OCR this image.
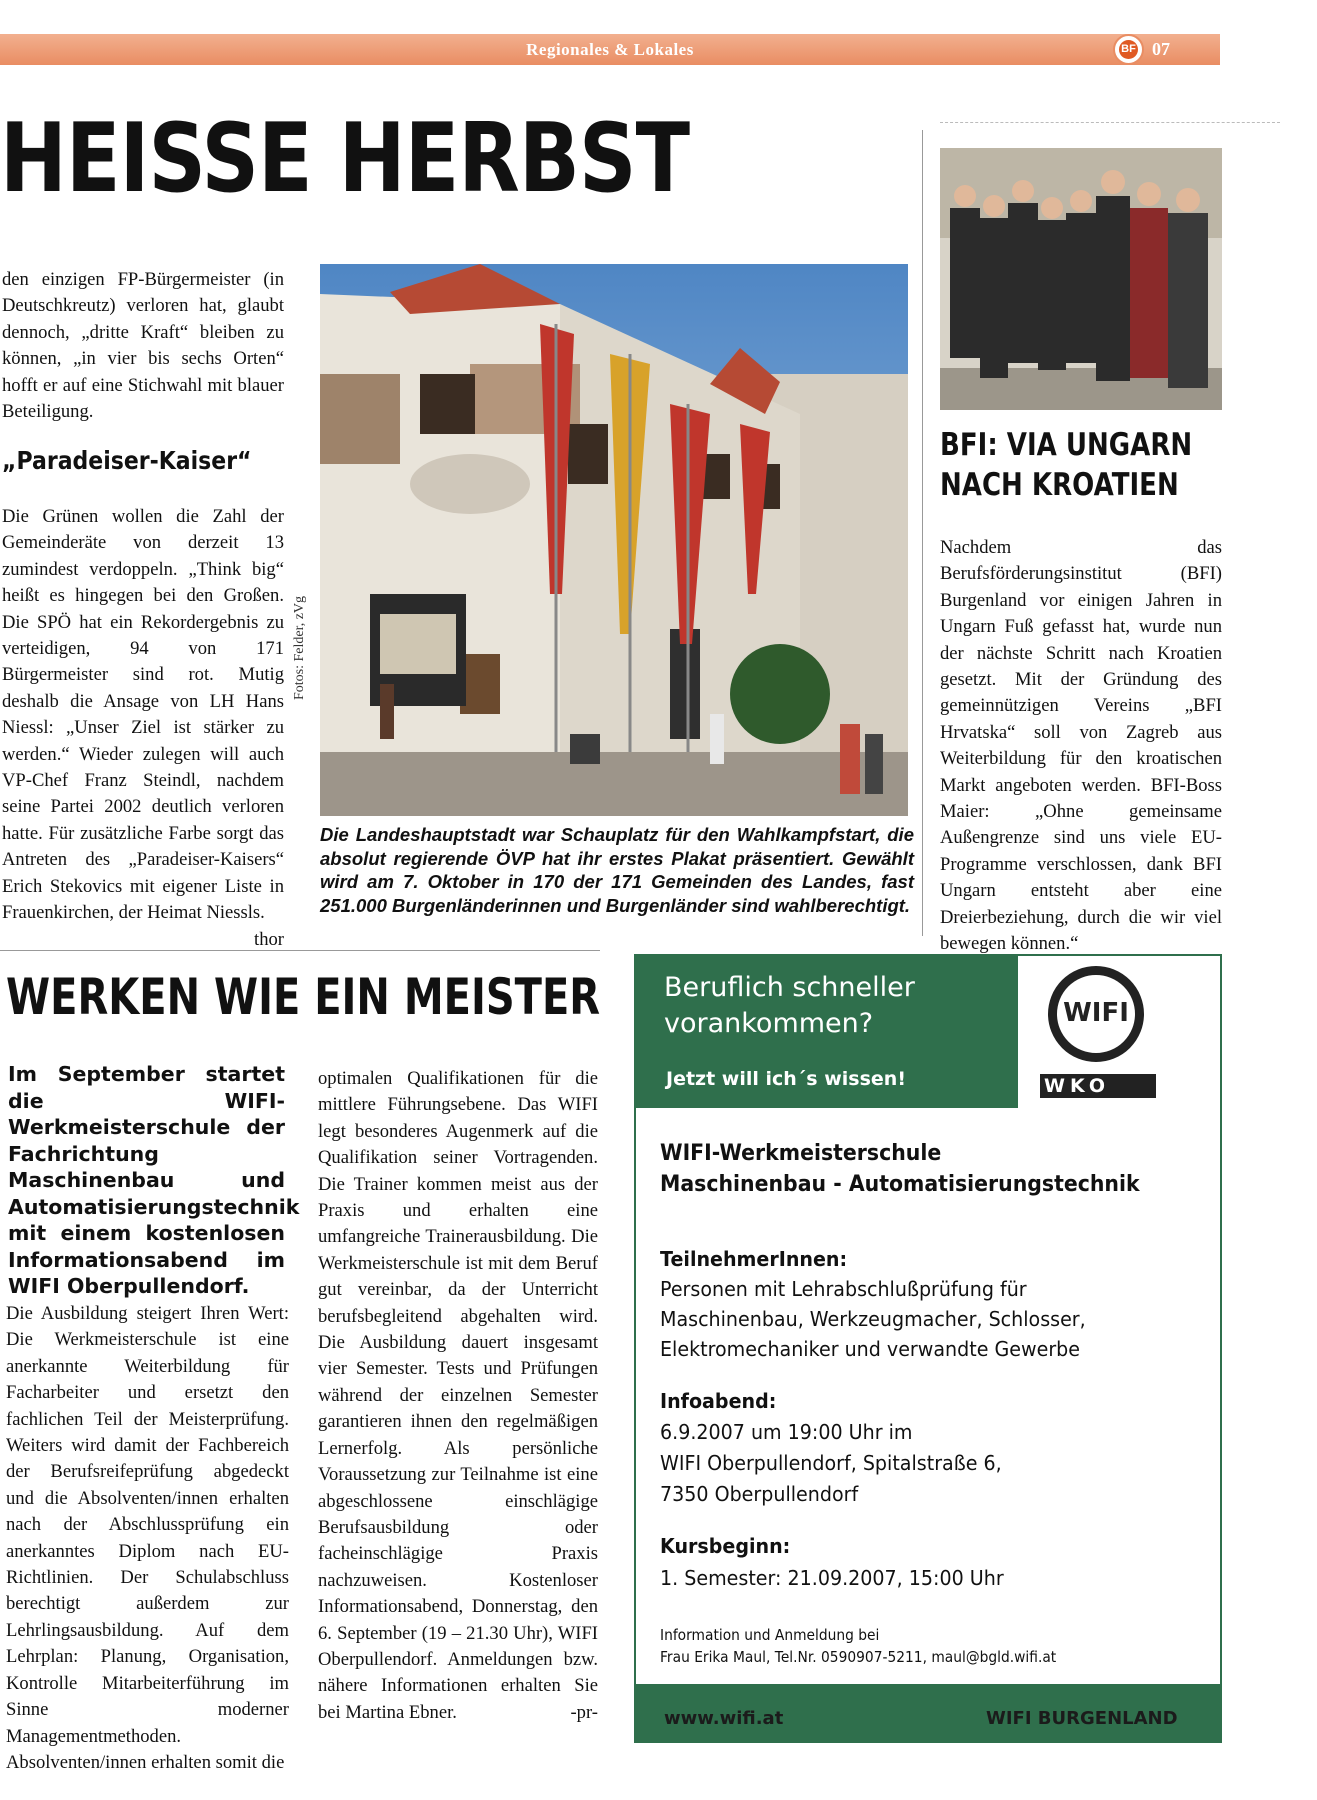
Regionales & Lokales	BF 07
HEISSE HERBST

den einzigen FP-Bürgermeister (in Deutschkreutz) verloren hat, glaubt dennoch, „dritte Kraft“ bleiben zu können, „in vier bis sechs Orten“ hofft er auf eine Stichwahl mit blauer Beteiligung.

„Paradeiser-Kaiser“

Die Grünen wollen die Zahl der Gemeinderäte von derzeit 13 zumindest verdoppeln. „Think big“ heißt es hingegen bei den Großen. Die SPÖ hat ein Rekordergebnis zu verteidigen, 94 von 171 Bürgermeister sind rot. Mutig deshalb die Ansage von LH Hans Niessl: „Unser Ziel ist stärker zu werden.“ Wieder zulegen will auch VP-Chef Franz Steindl, nachdem seine Partei 2002 deutlich verloren hatte. Für zusätzliche Farbe sorgt das Antreten des „Paradeiser-Kaisers“ Erich Stekovics mit eigener Liste in Frauenkirchen, der Heimat Niessls.
thor

Fotos: Felder, zVg
Die Landeshauptstadt war Schauplatz für den Wahlkampfstart, die absolut regierende ÖVP hat ihr erstes Plakat präsentiert. Gewählt wird am 7. Oktober in 170 der 171 Gemeinden des Landes, fast 251.000 Burgenländerinnen und Burgenländer sind wahlberechtigt.
BFI: VIA UNGARN
NACH KROATIEN
Nachdem das Berufsförderungsinstitut (BFI) Burgenland vor einigen Jahren in Ungarn Fuß gefasst hat, wurde nun der nächste Schritt nach Kroatien gesetzt. Mit der Gründung des gemeinnützigen Vereins „BFI Hrvatska“ soll von Zagreb aus Weiterbildung für den kroatischen Markt angeboten werden. BFI-Boss Maier: „Ohne gemeinsame Außengrenze sind uns viele EU-Programme verschlossen, dank BFI Ungarn entsteht aber eine Dreierbeziehung, durch die wir viel bewegen können.“
WERKEN WIE EIN MEISTER
Im September startet die WIFI-Werkmeisterschule der Fachrichtung Maschinenbau und Automatisierungstechnik mit einem kostenlosen Informationsabend im WIFI Oberpullendorf.
Die Ausbildung steigert Ihren Wert: Die Werkmeisterschule ist eine anerkannte Weiterbildung für Facharbeiter und ersetzt den fachlichen Teil der Meisterprüfung. Weiters wird damit der Fachbereich der Berufsreifeprüfung abgedeckt und die Absolventen/innen erhalten nach der Abschlussprüfung ein anerkanntes Diplom nach EU-Richtlinien. Der Schulabschluss berechtigt außerdem zur Lehrlingsausbildung. Auf dem Lehrplan: Planung, Organisation, Kontrolle Mitarbeiterführung im Sinne moderner Managementmethoden. Absolventen/innen erhalten somit die
optimalen Qualifikationen für die mittlere Führungsebene. Das WIFI legt besonderes Augenmerk auf die Qualifikation seiner Vortragenden. Die Trainer kommen meist aus der Praxis und erhalten eine umfangreiche Trainerausbildung. Die Werkmeisterschule ist mit dem Beruf gut vereinbar, da der Unterricht berufsbegleitend abgehalten wird. Die Ausbildung dauert insgesamt vier Semester. Tests und Prüfungen während der einzelnen Semester garantieren ihnen den regelmäßigen Lernerfolg. Als persönliche Voraussetzung zur Teilnahme ist eine abgeschlossene einschlägige Berufsausbildung oder facheinschlägige Praxis nachzuweisen. Kostenloser Informationsabend, Donnerstag, den 6. September (19 – 21.30 Uhr), WIFI Oberpullendorf. Anmeldungen bzw. nähere Informationen erhalten Sie bei Martina Ebner.	-pr-
Beruflich schneller
vorankommen?
Jetzt will ich´s wissen!
WIFI
WKO
WIFI-Werkmeisterschule
Maschinenbau - Automatisierungstechnik
TeilnehmerInnen:
Personen mit Lehrabschlußprüfung für
Maschinenbau, Werkzeugmacher, Schlosser,
Elektromechaniker und verwandte Gewerbe
Infoabend:
6.9.2007 um 19:00 Uhr im
WIFI Oberpullendorf, Spitalstraße 6,
7350 Oberpullendorf
Kursbeginn:
1. Semester: 21.09.2007, 15:00 Uhr
Information und Anmeldung bei
Frau Erika Maul, Tel.Nr. 0590907-5211, maul@bgld.wifi.at
www.wifi.at	WIFI BURGENLAND
